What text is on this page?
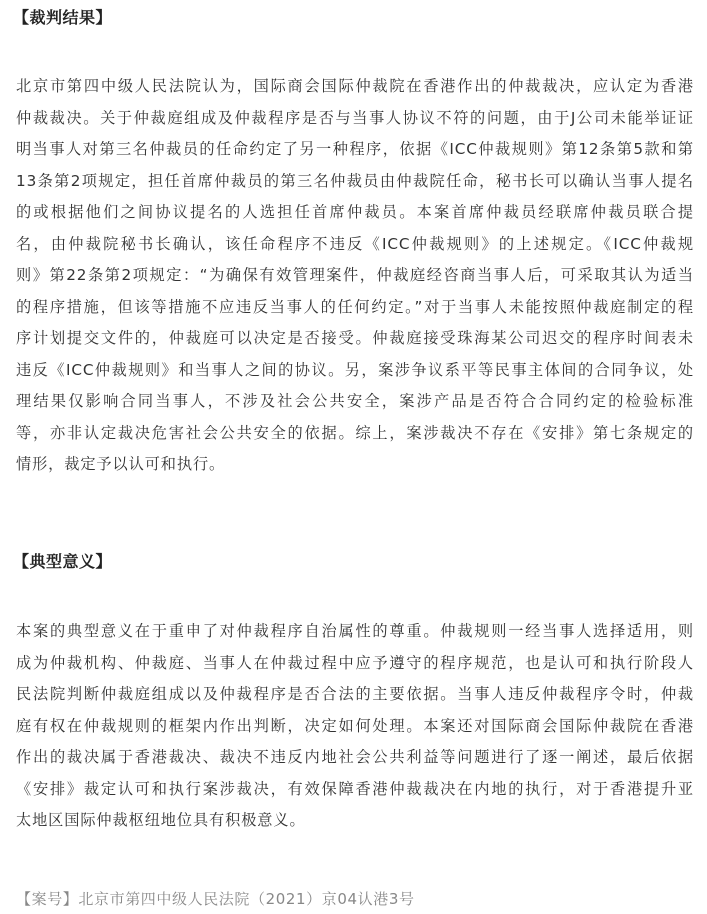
【裁判结果】
北京市第四中级人民法院认为，国际商会国际仲裁院在香港作出的仲裁裁决，应认定为香港
仲裁裁决。关于仲裁庭组成及仲裁程序是否与当事人协议不符的问题，由于J公司未能举证证
明当事人对第三名仲裁员的任命约定了另一种程序，依据《ICC仲裁规则》第12条第5款和第
13条第2项规定，担任首席仲裁员的第三名仲裁员由仲裁院任命，秘书长可以确认当事人提名
的或根据他们之间协议提名的人选担任首席仲裁员。本案首席仲裁员经联席仲裁员联合提
名，由仲裁院秘书长确认，该任命程序不违反《ICC仲裁规则》的上述规定。《ICC仲裁规
则》第22条第2项规定：“为确保有效管理案件，仲裁庭经咨商当事人后，可采取其认为适当
的程序措施，但该等措施不应违反当事人的任何约定。”对于当事人未能按照仲裁庭制定的程
序计划提交文件的，仲裁庭可以决定是否接受。仲裁庭接受珠海某公司迟交的程序时间表未
违反《ICC仲裁规则》和当事人之间的协议。另，案涉争议系平等民事主体间的合同争议，处
理结果仅影响合同当事人，不涉及社会公共安全，案涉产品是否符合合同约定的检验标准
等，亦非认定裁决危害社会公共安全的依据。综上，案涉裁决不存在《安排》第七条规定的
情形，裁定予以认可和执行。
【典型意义】
本案的典型意义在于重申了对仲裁程序自治属性的尊重。仲裁规则一经当事人选择适用，则
成为仲裁机构、仲裁庭、当事人在仲裁过程中应予遵守的程序规范，也是认可和执行阶段人
民法院判断仲裁庭组成以及仲裁程序是否合法的主要依据。当事人违反仲裁程序令时，仲裁
庭有权在仲裁规则的框架内作出判断，决定如何处理。本案还对国际商会国际仲裁院在香港
作出的裁决属于香港裁决、裁决不违反内地社会公共利益等问题进行了逐一阐述，最后依据
《安排》裁定认可和执行案涉裁决，有效保障香港仲裁裁决在内地的执行，对于香港提升亚
太地区国际仲裁枢纽地位具有积极意义。
【案号】北京市第四中级人民法院（2021）京04认港3号
